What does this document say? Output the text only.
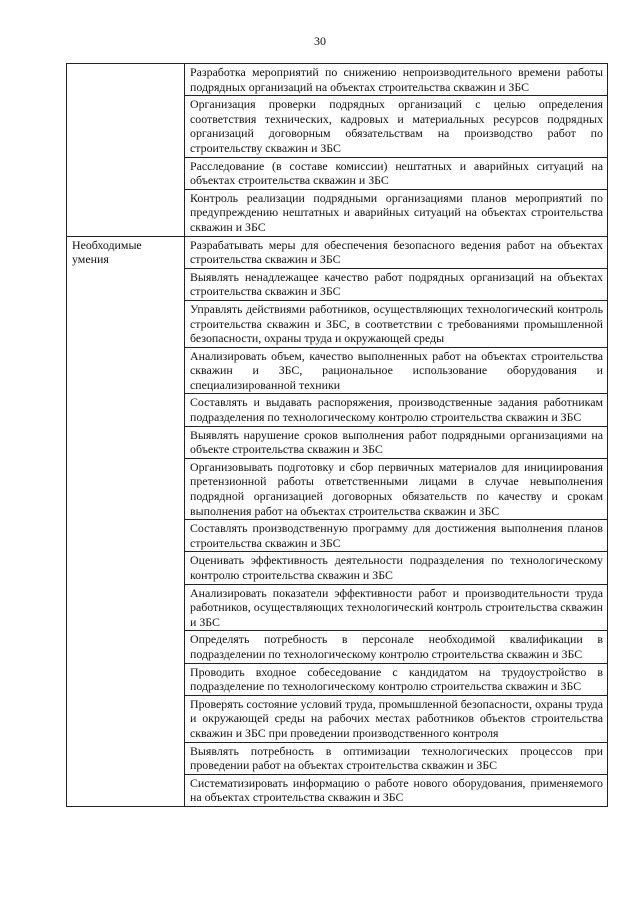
30

	Разработка мероприятий по снижению непроизводительного времени работы подрядных организаций на объектах строительства скважин и ЗБС

	Организация проверки подрядных организаций с целью определения соответствия технических, кадровых и материальных ресурсов подрядных организаций договорным обязательствам на производство работ по строительству скважин и ЗБС

	Расследование (в составе комиссии) нештатных и аварийных ситуаций на объектах строительства скважин и ЗБС

	Контроль реализации подрядными организациями планов мероприятий по предупреждению нештатных и аварийных ситуаций на объектах строительства скважин и ЗБС

Необходимые умения	Разрабатывать меры для обеспечения безопасного ведения работ на объектах строительства скважин и ЗБС

	Выявлять ненадлежащее качество работ подрядных организаций на объектах строительства скважин и ЗБС

	Управлять действиями работников, осуществляющих технологический контроль строительства скважин и ЗБС, в соответствии с требованиями промышленной безопасности, охраны труда и окружающей среды

	Анализировать объем, качество выполненных работ на объектах строительства скважин и ЗБС, рациональное использование оборудования и специализированной техники

	Составлять и выдавать распоряжения, производственные задания работникам подразделения по технологическому контролю строительства скважин и ЗБС

	Выявлять нарушение сроков выполнения работ подрядными организациями на объекте строительства скважин и ЗБС

	Организовывать подготовку и сбор первичных материалов для инициирования претензионной работы ответственными лицами в случае невыполнения подрядной организацией договорных обязательств по качеству и срокам выполнения работ на объектах строительства скважин и ЗБС

	Составлять производственную программу для достижения выполнения планов строительства скважин и ЗБС

	Оценивать эффективность деятельности подразделения по технологическому контролю строительства скважин и ЗБС

	Анализировать показатели эффективности работ и производительности труда работников, осуществляющих технологический контроль строительства скважин и ЗБС

	Определять потребность в персонале необходимой квалификации в подразделении по технологическому контролю строительства скважин и ЗБС

	Проводить входное собеседование с кандидатом на трудоустройство в подразделение по технологическому контролю строительства скважин и ЗБС

	Проверять состояние условий труда, промышленной безопасности, охраны труда и окружающей среды на рабочих местах работников объектов строительства скважин и ЗБС при проведении производственного контроля

	Выявлять потребность в оптимизации технологических процессов при проведении работ на объектах строительства скважин и ЗБС

	Систематизировать информацию о работе нового оборудования, применяемого на объектах строительства скважин и ЗБС
